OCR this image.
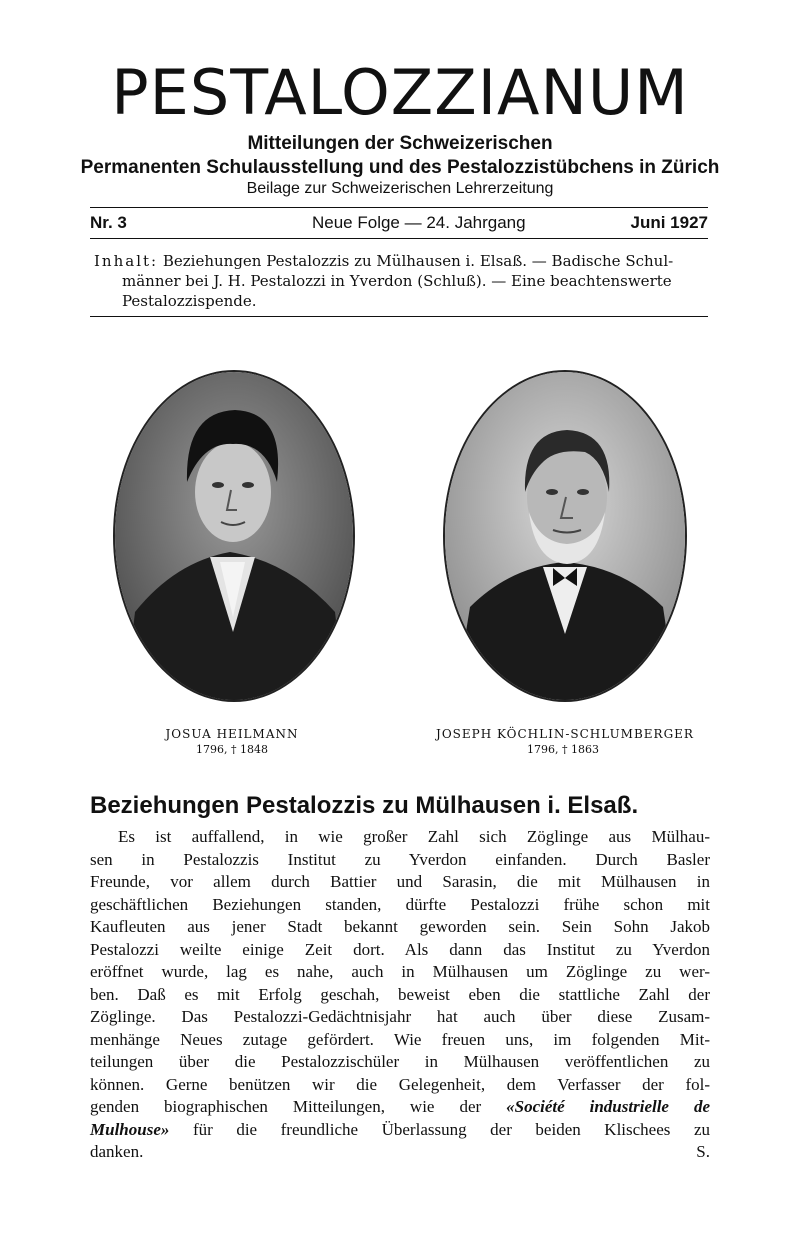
PESTALOZZIANUM
Mitteilungen der Schweizerischen
Permanenten Schulausstellung und des Pestalozzistübchens in Zürich
Beilage zur Schweizerischen Lehrerzeitung
Nr. 3	Neue Folge — 24. Jahrgang	Juni 1927
Inhalt: Beziehungen Pestalozzis zu Mülhausen i. Elsaß. — Badische Schul-
männer bei J. H. Pestalozzi in Yverdon (Schluß). — Eine beachtenswerte
Pestalozzispende.
JOSUA HEILMANN
1796, † 1848
JOSEPH KÖCHLIN-SCHLUMBERGER
1796, † 1863
Beziehungen Pestalozzis zu Mülhausen i. Elsaß.
Es ist auffallend, in wie großer Zahl sich Zöglinge aus Mülhau-
sen in Pestalozzis Institut zu Yverdon einfanden. Durch Basler
Freunde, vor allem durch Battier und Sarasin, die mit Mülhausen in
geschäftlichen Beziehungen standen, dürfte Pestalozzi frühe schon mit
Kaufleuten aus jener Stadt bekannt geworden sein. Sein Sohn Jakob
Pestalozzi weilte einige Zeit dort. Als dann das Institut zu Yverdon
eröffnet wurde, lag es nahe, auch in Mülhausen um Zöglinge zu wer-
ben. Daß es mit Erfolg geschah, beweist eben die stattliche Zahl der
Zöglinge. Das Pestalozzi-Gedächtnisjahr hat auch über diese Zusam-
menhänge Neues zutage gefördert. Wie freuen uns, im folgenden Mit-
teilungen über die Pestalozzischüler in Mülhausen veröffentlichen zu
können. Gerne benützen wir die Gelegenheit, dem Verfasser der fol-
genden biographischen Mitteilungen, wie der «Société industrielle de
Mulhouse» für die freundliche Überlassung der beiden Klischees zu
danken.	S.
